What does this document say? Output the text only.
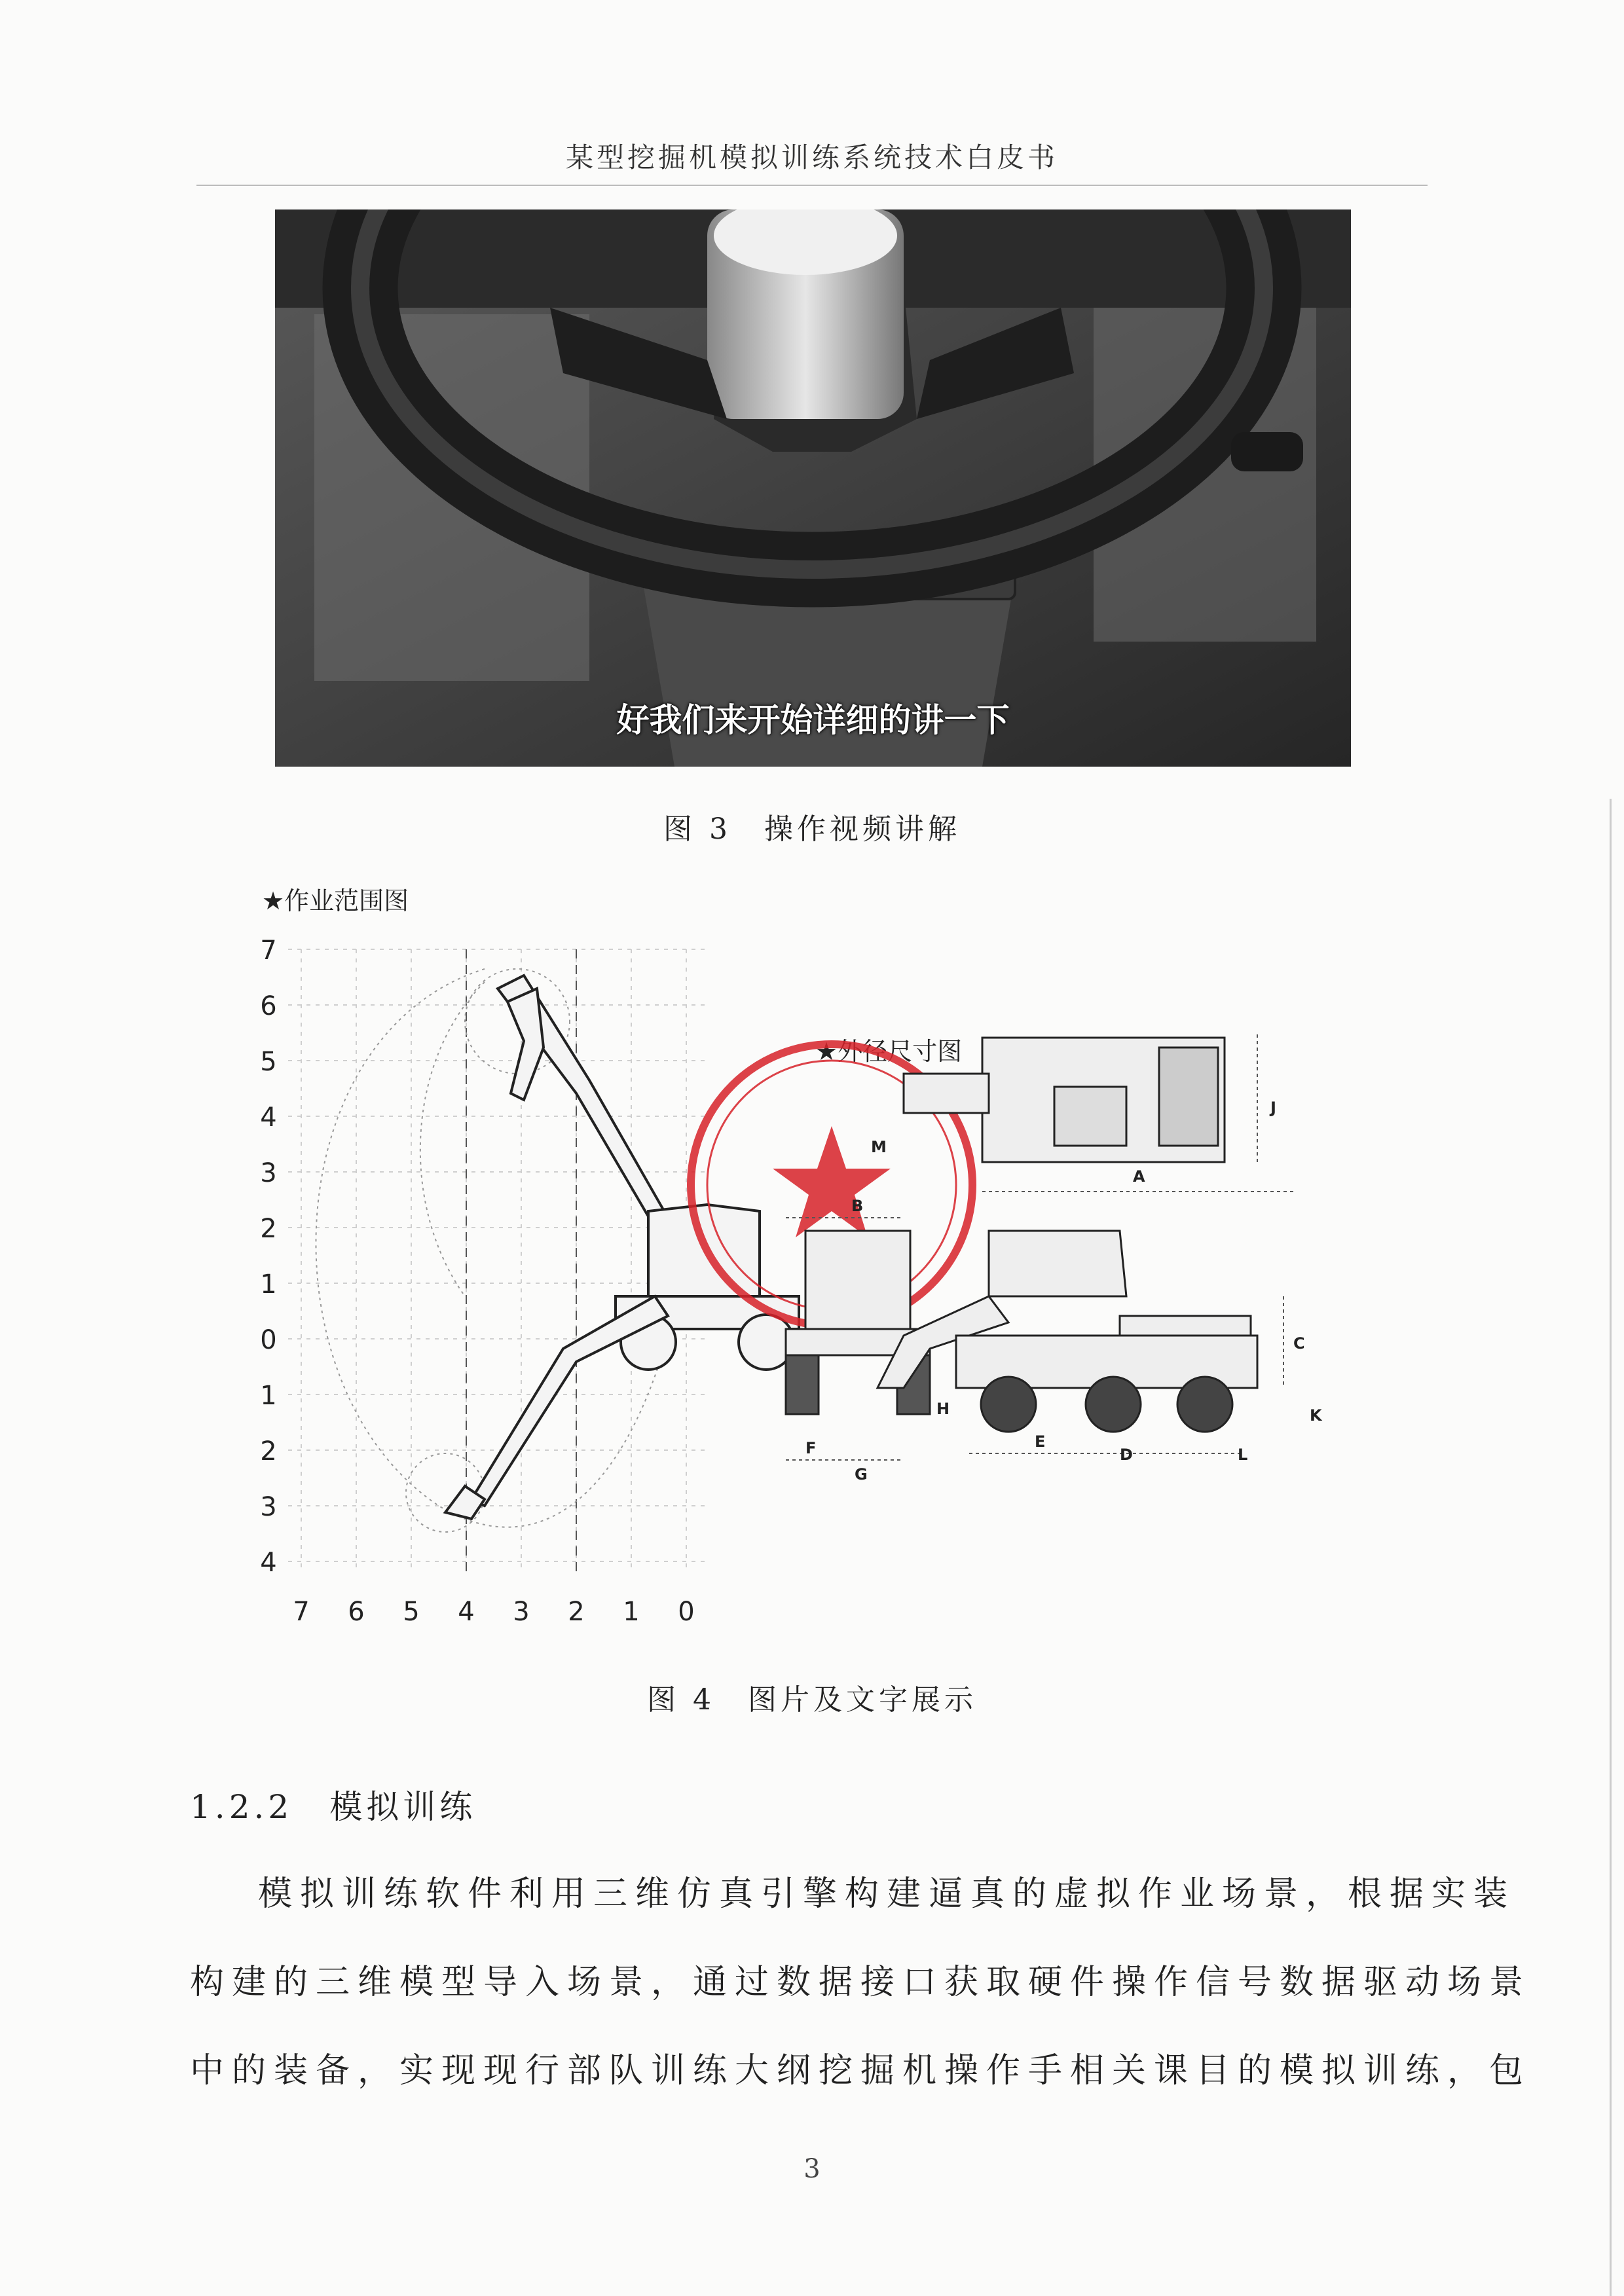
某型挖掘机模拟训练系统技术白皮书
行车
好我们来开始详细的讲一下
图 3　操作视频讲解
★作业范围图
★外径尺寸图
M
B
J
A
C
H	K
F
G
E
D	L
7
6
5
4
3
2
1
0
1
2
3
4
7 6 5 4 3 2 1 0
图 4　图片及文字展示
1.2.2　模拟训练
模拟训练软件利用三维仿真引擎构建逼真的虚拟作业场景，根据实装
构建的三维模型导入场景，通过数据接口获取硬件操作信号数据驱动场景
中的装备，实现现行部队训练大纲挖掘机操作手相关课目的模拟训练，包
3
